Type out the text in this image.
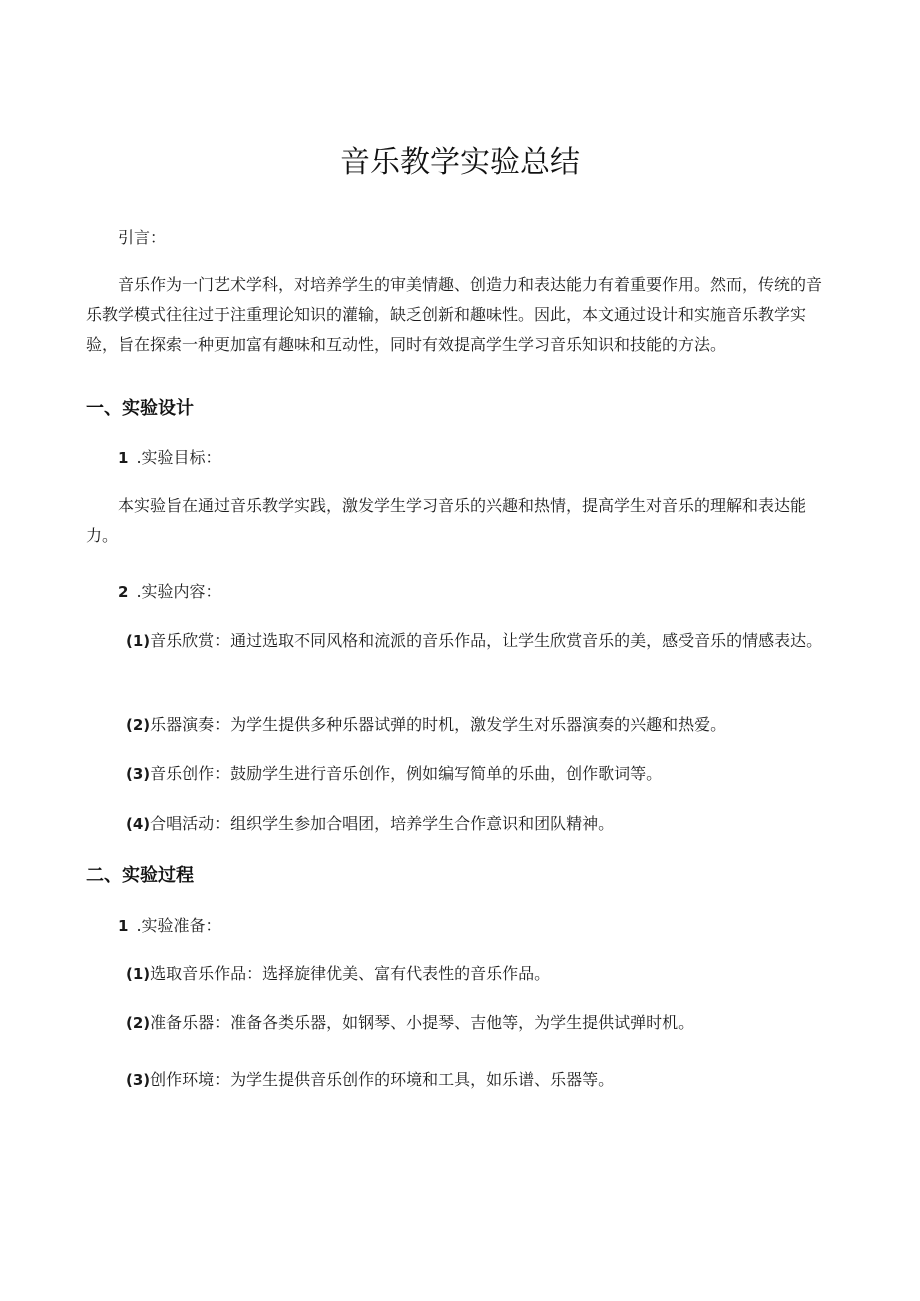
音乐教学实验总结
引言：
音乐作为一门艺术学科，对培养学生的审美情趣、创造力和表达能力有着重要作用。然而，传统的音乐教学模式往往过于注重理论知识的灌输，缺乏创新和趣味性。因此，本文通过设计和实施音乐教学实验，旨在探索一种更加富有趣味和互动性，同时有效提高学生学习音乐知识和技能的方法。
一、实验设计
1 .实验目标：
本实验旨在通过音乐教学实践，激发学生学习音乐的兴趣和热情，提高学生对音乐的理解和表达能力。
2 .实验内容：
(1)音乐欣赏：通过选取不同风格和流派的音乐作品，让学生欣赏音乐的美，感受音乐的情感表达。
(2)乐器演奏：为学生提供多种乐器试弹的时机，激发学生对乐器演奏的兴趣和热爱。
(3)音乐创作：鼓励学生进行音乐创作，例如编写简单的乐曲，创作歌词等。
(4)合唱活动：组织学生参加合唱团，培养学生合作意识和团队精神。
二、实验过程
1 .实验准备：
(1)选取音乐作品：选择旋律优美、富有代表性的音乐作品。
(2)准备乐器：准备各类乐器，如钢琴、小提琴、吉他等，为学生提供试弹时机。
(3)创作环境：为学生提供音乐创作的环境和工具，如乐谱、乐器等。
